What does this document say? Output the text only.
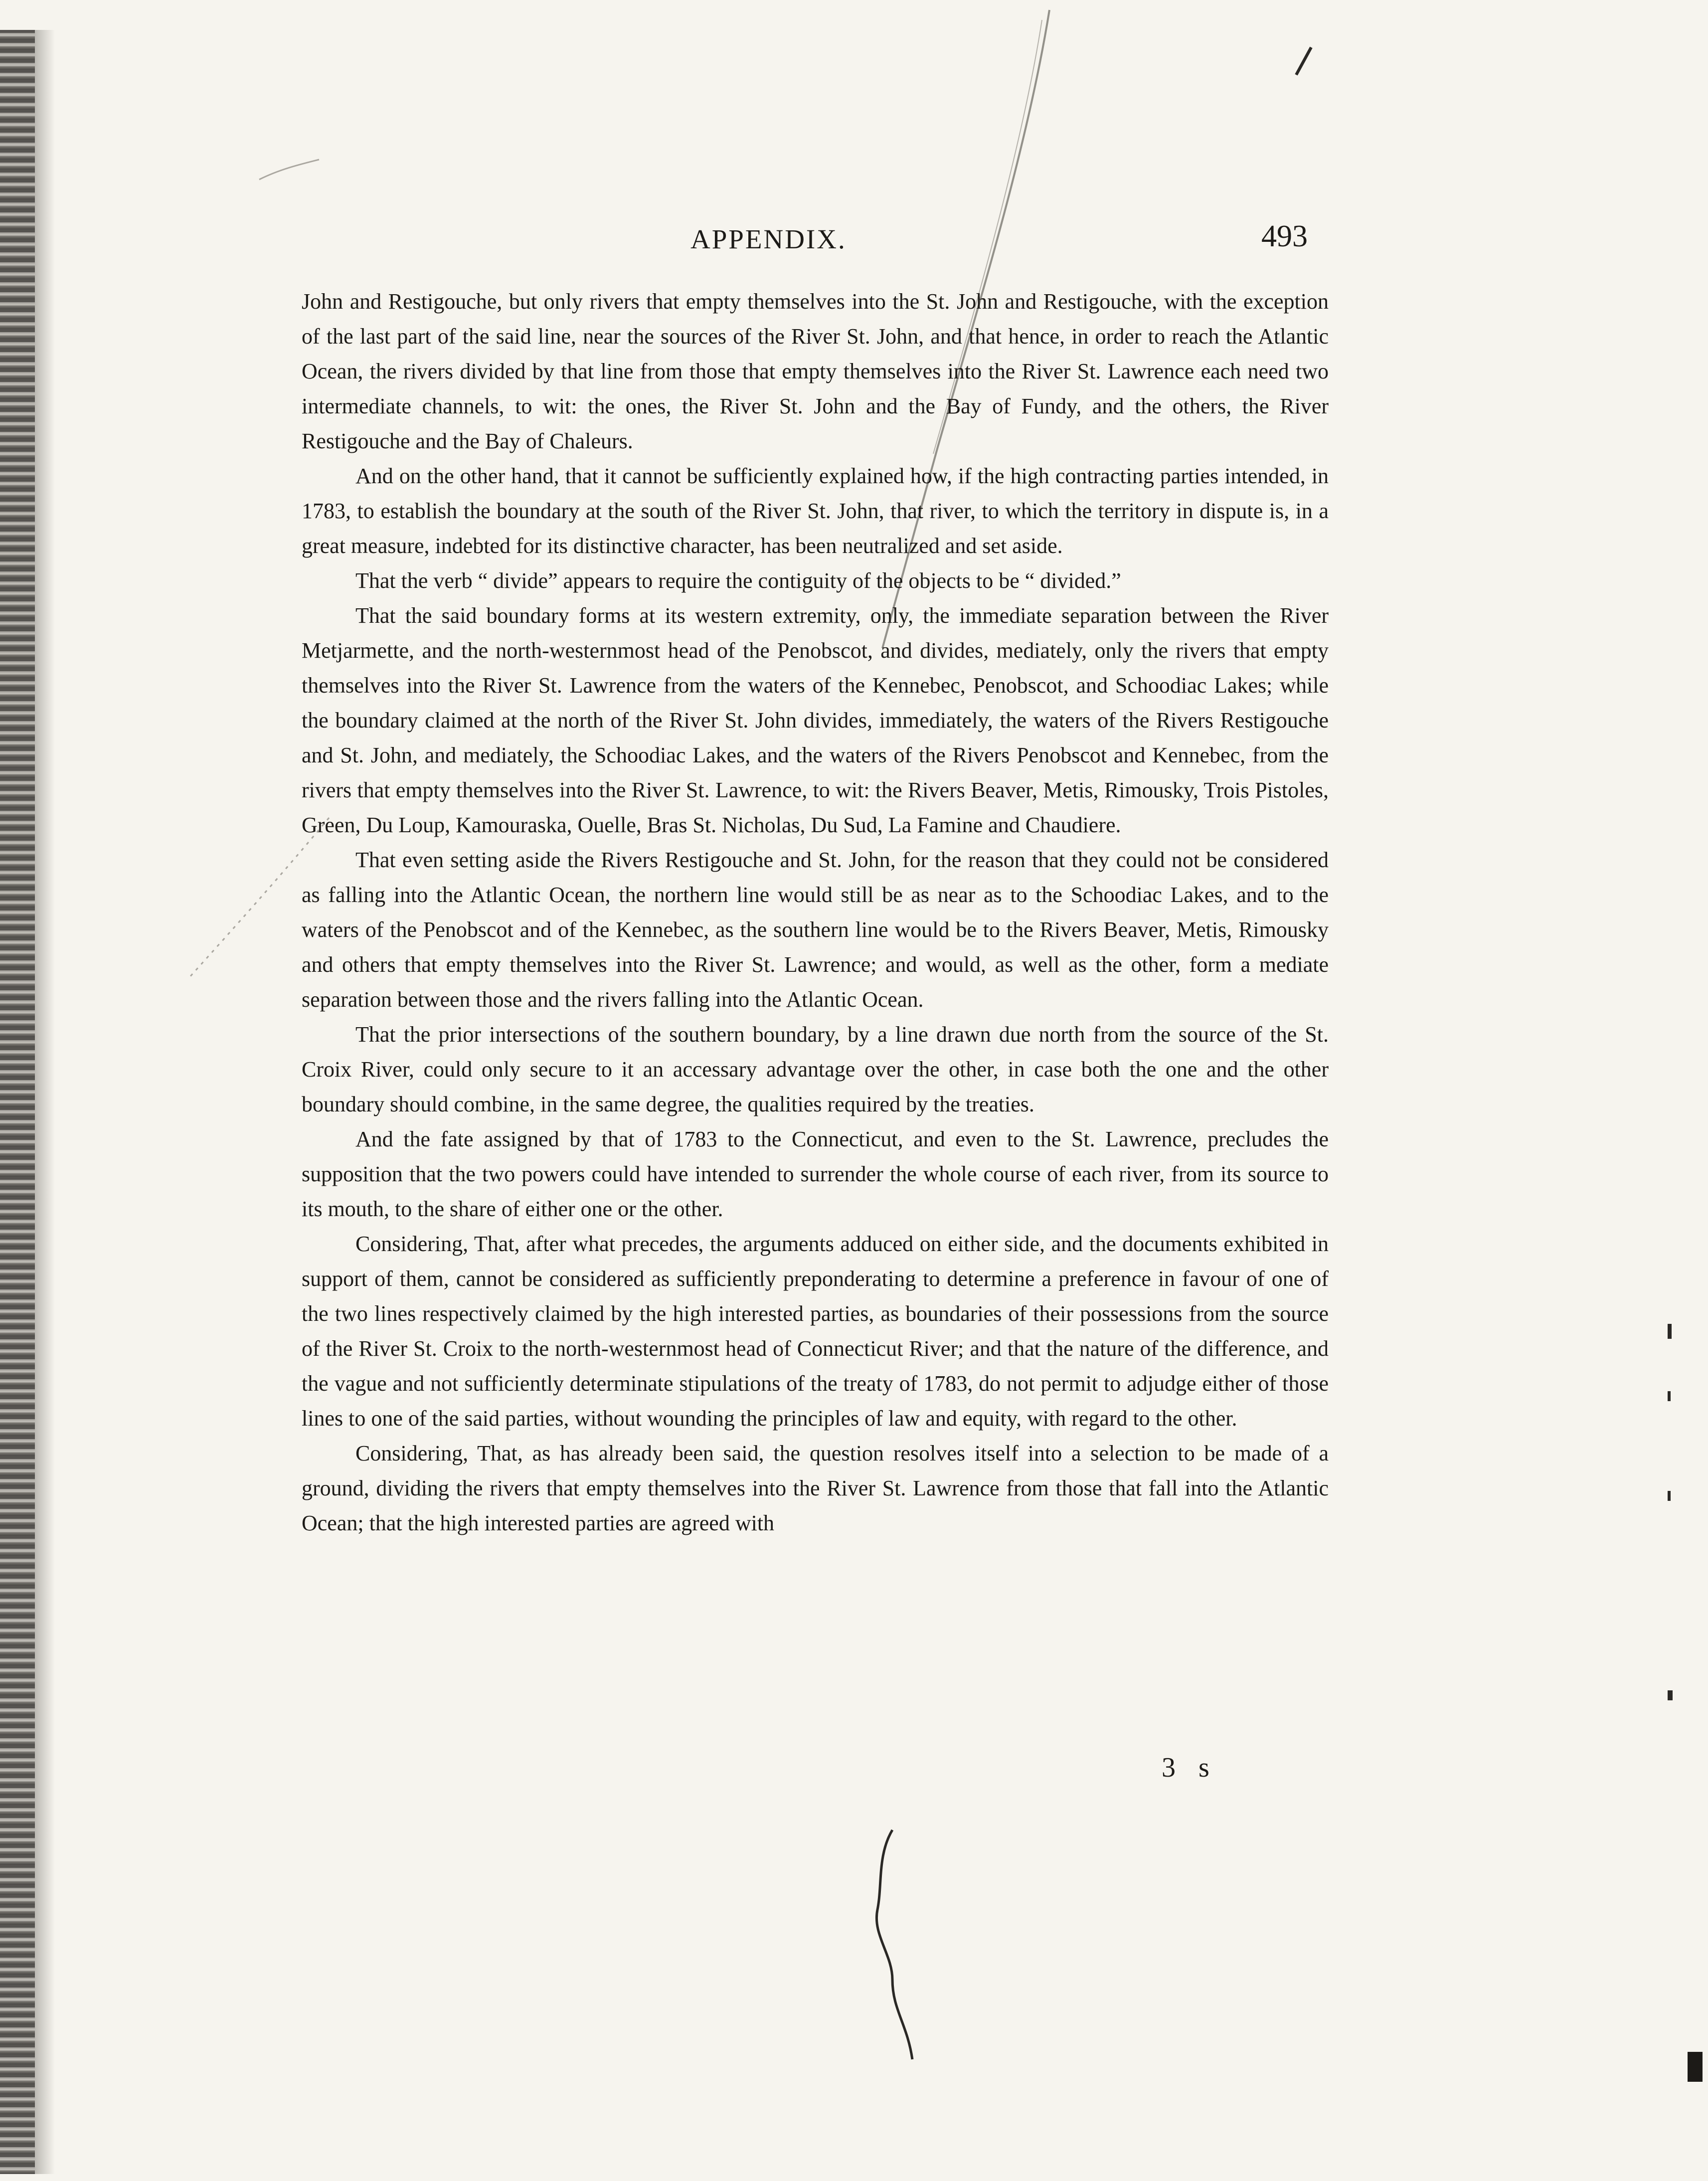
APPENDIX.	493

John and Restigouche, but only rivers that empty themselves into the St. John and Restigouche, with the exception of the last part of the said line, near the sources of the River St. John, and that hence, in order to reach the Atlantic Ocean, the rivers divided by that line from those that empty themselves into the River St. Lawrence each need two intermediate channels, to wit: the ones, the River St. John and the Bay of Fundy, and the others, the River Restigouche and the Bay of Chaleurs.

And on the other hand, that it cannot be sufficiently explained how, if the high contracting parties intended, in 1783, to establish the boundary at the south of the River St. John, that river, to which the territory in dispute is, in a great measure, indebted for its distinctive character, has been neutralized and set aside.

That the verb “ divide” appears to require the contiguity of the objects to be “ divided.”

That the said boundary forms at its western extremity, only, the immediate separation between the River Metjarmette, and the north-westernmost head of the Penobscot, and divides, mediately, only the rivers that empty themselves into the River St. Lawrence from the waters of the Kennebec, Penobscot, and Schoodiac Lakes; while the boundary claimed at the north of the River St. John divides, immediately, the waters of the Rivers Restigouche and St. John, and mediately, the Schoodiac Lakes, and the waters of the Rivers Penobscot and Kennebec, from the rivers that empty themselves into the River St. Lawrence, to wit: the Rivers Beaver, Metis, Rimousky, Trois Pistoles, Green, Du Loup, Kamouraska, Ouelle, Bras St. Nicholas, Du Sud, La Famine and Chaudiere.

That even setting aside the Rivers Restigouche and St. John, for the reason that they could not be considered as falling into the Atlantic Ocean, the northern line would still be as near as to the Schoodiac Lakes, and to the waters of the Penobscot and of the Kennebec, as the southern line would be to the Rivers Beaver, Metis, Rimousky and others that empty themselves into the River St. Lawrence; and would, as well as the other, form a mediate separation between those and the rivers falling into the Atlantic Ocean.

That the prior intersections of the southern boundary, by a line drawn due north from the source of the St. Croix River, could only secure to it an accessary advantage over the other, in case both the one and the other boundary should combine, in the same degree, the qualities required by the treaties.

And the fate assigned by that of 1783 to the Connecticut, and even to the St. Lawrence, precludes the supposition that the two powers could have intended to surrender the whole course of each river, from its source to its mouth, to the share of either one or the other.

Considering, That, after what precedes, the arguments adduced on either side, and the documents exhibited in support of them, cannot be considered as sufficiently preponderating to determine a preference in favour of one of the two lines respectively claimed by the high interested parties, as boundaries of their possessions from the source of the River St. Croix to the north-westernmost head of Connecticut River; and that the nature of the difference, and the vague and not sufficiently determinate stipulations of the treaty of 1783, do not permit to adjudge either of those lines to one of the said parties, without wounding the principles of law and equity, with regard to the other.

Considering, That, as has already been said, the question resolves itself into a selection to be made of a ground, dividing the rivers that empty themselves into the River St. Lawrence from those that fall into the Atlantic Ocean; that the high interested parties are agreed with

3 s
